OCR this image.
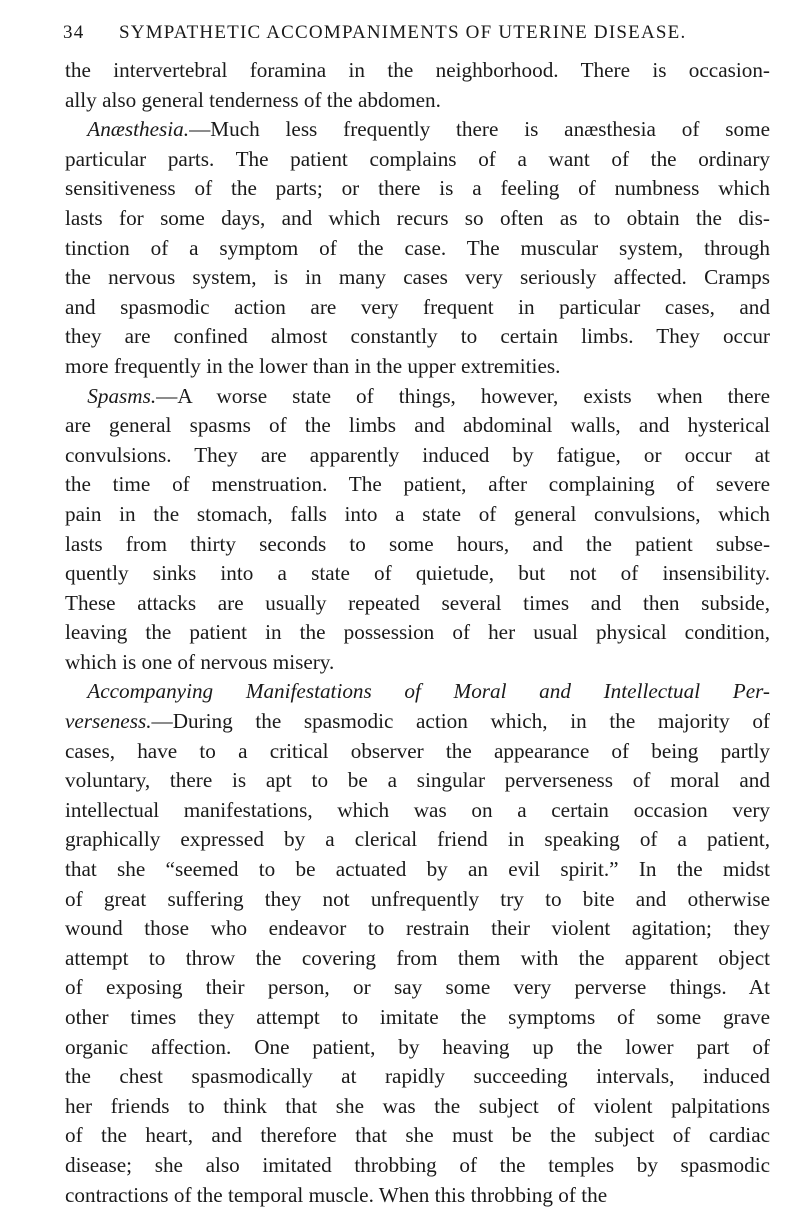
34	SYMPATHETIC ACCOMPANIMENTS OF UTERINE DISEASE.
the intervertebral foramina in the neighborhood. There is occasion-
ally also general tenderness of the abdomen.
Anæsthesia.—Much less frequently there is anæsthesia of some
particular parts. The patient complains of a want of the ordinary
sensitiveness of the parts; or there is a feeling of numbness which
lasts for some days, and which recurs so often as to obtain the dis-
tinction of a symptom of the case. The muscular system, through
the nervous system, is in many cases very seriously affected. Cramps
and spasmodic action are very frequent in particular cases, and
they are confined almost constantly to certain limbs. They occur
more frequently in the lower than in the upper extremities.
Spasms.—A worse state of things, however, exists when there
are general spasms of the limbs and abdominal walls, and hysterical
convulsions. They are apparently induced by fatigue, or occur at
the time of menstruation. The patient, after complaining of severe
pain in the stomach, falls into a state of general convulsions, which
lasts from thirty seconds to some hours, and the patient subse-
quently sinks into a state of quietude, but not of insensibility.
These attacks are usually repeated several times and then subside,
leaving the patient in the possession of her usual physical condition,
which is one of nervous misery.
Accompanying Manifestations of Moral and Intellectual Per-
verseness.—During the spasmodic action which, in the majority of
cases, have to a critical observer the appearance of being partly
voluntary, there is apt to be a singular perverseness of moral and
intellectual manifestations, which was on a certain occasion very
graphically expressed by a clerical friend in speaking of a patient,
that she “seemed to be actuated by an evil spirit.” In the midst
of great suffering they not unfrequently try to bite and otherwise
wound those who endeavor to restrain their violent agitation; they
attempt to throw the covering from them with the apparent object
of exposing their person, or say some very perverse things. At
other times they attempt to imitate the symptoms of some grave
organic affection. One patient, by heaving up the lower part of
the chest spasmodically at rapidly succeeding intervals, induced
her friends to think that she was the subject of violent palpitations
of the heart, and therefore that she must be the subject of cardiac
disease; she also imitated throbbing of the temples by spasmodic
contractions of the temporal muscle. When this throbbing of the
